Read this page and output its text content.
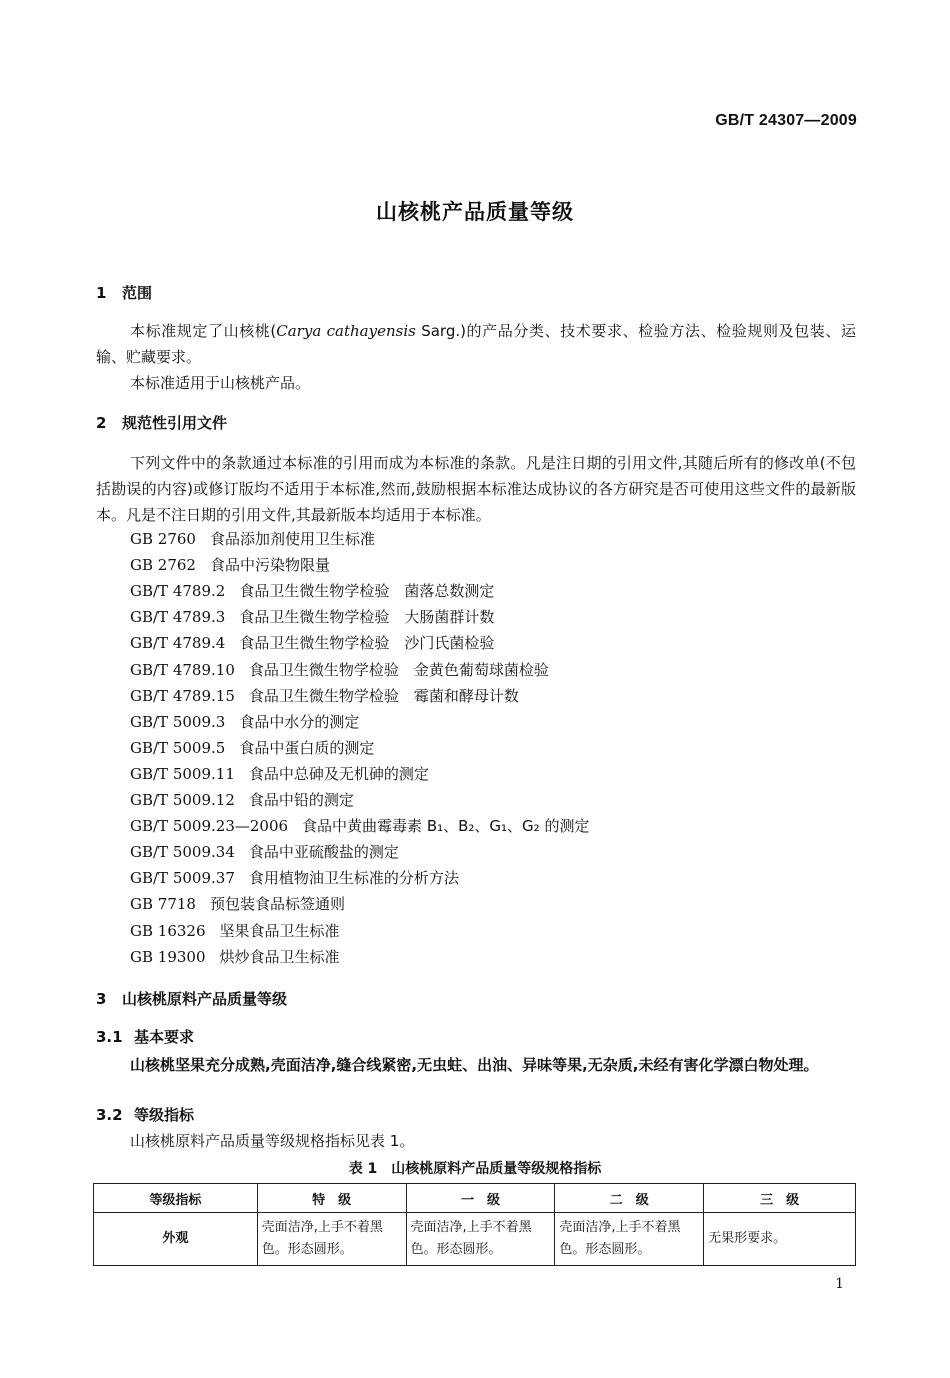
GB/T 24307—2009
山核桃产品质量等级
1 范围
本标准规定了山核桃(Carya cathayensis Sarg.)的产品分类、技术要求、检验方法、检验规则及包装、运输、贮藏要求。
本标准适用于山核桃产品。
2 规范性引用文件
下列文件中的条款通过本标准的引用而成为本标准的条款。凡是注日期的引用文件,其随后所有的修改单(不包括勘误的内容)或修订版均不适用于本标准,然而,鼓励根据本标准达成协议的各方研究是否可使用这些文件的最新版本。凡是不注日期的引用文件,其最新版本均适用于本标准。
GB 2760 食品添加剂使用卫生标准
GB 2762 食品中污染物限量
GB/T 4789.2 食品卫生微生物学检验　菌落总数测定
GB/T 4789.3 食品卫生微生物学检验　大肠菌群计数
GB/T 4789.4 食品卫生微生物学检验　沙门氏菌检验
GB/T 4789.10 食品卫生微生物学检验　金黄色葡萄球菌检验
GB/T 4789.15 食品卫生微生物学检验　霉菌和酵母计数
GB/T 5009.3 食品中水分的测定
GB/T 5009.5 食品中蛋白质的测定
GB/T 5009.11 食品中总砷及无机砷的测定
GB/T 5009.12 食品中铅的测定
GB/T 5009.23—2006 食品中黄曲霉毒素 B₁、B₂、G₁、G₂ 的测定
GB/T 5009.34 食品中亚硫酸盐的测定
GB/T 5009.37 食用植物油卫生标准的分析方法
GB 7718 预包装食品标签通则
GB 16326 坚果食品卫生标准
GB 19300 烘炒食品卫生标准
3 山核桃原料产品质量等级
3.1 基本要求
山核桃坚果充分成熟,壳面洁净,缝合线紧密,无虫蛀、出油、异味等果,无杂质,未经有害化学漂白物处理。
3.2 等级指标
山核桃原料产品质量等级规格指标见表 1。
表 1　山核桃原料产品质量等级规格指标
等级指标	特　级	一　级	二　级	三　级
外观	壳面洁净,上手不着黑色。形态圆形。	壳面洁净,上手不着黑色。形态圆形。	壳面洁净,上手不着黑色。形态圆形。	无果形要求。
1
